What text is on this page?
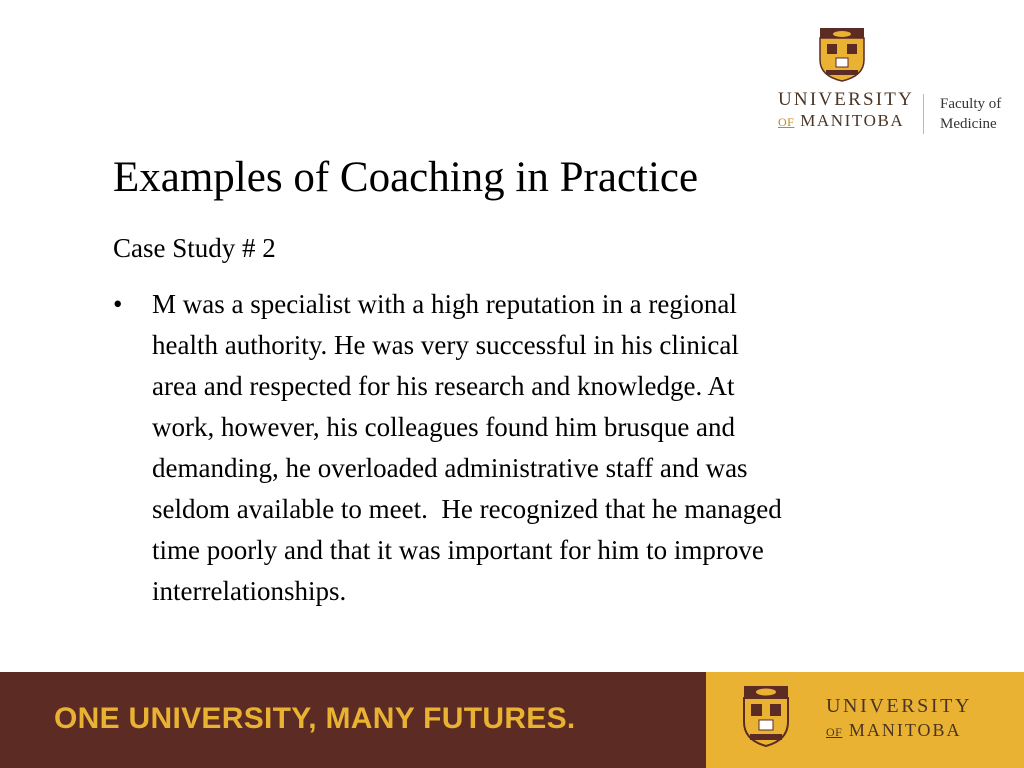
UNIVERSITY
OF MANITOBA
Faculty of
Medicine
Examples of Coaching in Practice
Case Study # 2
• M was a specialist with a high reputation in a regional
health authority. He was very successful in his clinical
area and respected for his research and knowledge. At
work, however, his colleagues found him brusque and
demanding, he overloaded administrative staff and was
seldom available to meet.  He recognized that he managed
time poorly and that it was important for him to improve
interrelationships.
ONE UNIVERSITY, MANY FUTURES.	UNIVERSITY
OF MANITOBA
